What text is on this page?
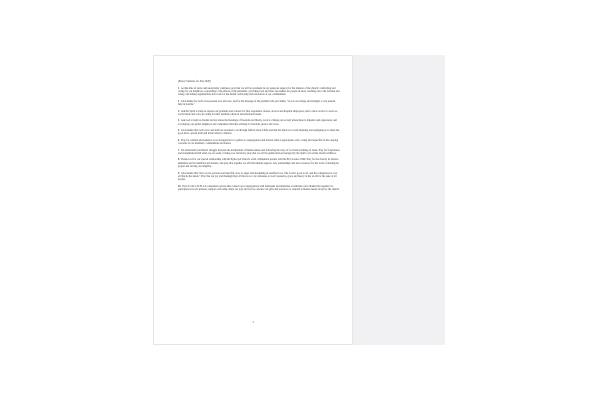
[Prayer Ventures for July 2020]
1 As this time of stress and uncertainty continues, pray that we will be persistent in our generous support for the mission of the church: comforting and caring for our neighbors, responding to the effects of the pandemic, providing food and basic necessities for people in need, reaching out to the isolated and lonely, and aiding organizations that work for the health, well-being and restoration of our communities.
2 Give thanks for God's ever-present love and care, and for the message of the psalmist who proclaims, "God is our refuge and strength, a very present help in trouble."
3 Ask the Spirit to help us express our gratitude and concern for first responders, nurses, doctors and hospital employees, and to show us how to serve as God's hands and voice in caring for their spiritual, physical and emotional needs.
4 Ask God to help us cherish and not abuse the blessings of freedom and liberty, work to change our society where there is injustice and oppression, and accompany our global neighbors and companion churches striving for freedom, justice and voice.
5 Give thanks that God's love and truth are revealed to us through faith in Jesus Christ and that the Spirit is at work inspiring and equipping us to share the good news, spread truth and invite others to believe.
6 Pray for wisdom and patience as we navigate how to gather as congregations and discern what is appropriate, safe, caring and respectful of the ongoing concerns of our members, communities and nation.
7 We understand well Paul's struggle between the inclinations of human nature and following the ways of God and teachings of Jesus. Pray for forgiveness and strengthened faith when we are weak or make poor decisions; pray that we will be guided and encouraged by the Spirit of God that dwells within us.
8 Thank God for our special relationship with the Episcopal Church, a full communion partner with the ELCA since 1999. Pray for the church, its diverse ministries and its members and leaders, and pray that together we will find mutual support, new partnerships and new resources for the work of sharing the gospel and serving our neighbor.
9 Give thanks that "the Lord is gracious and merciful, slow to anger and abounding in steadfast love. The Lord is good to all, and his compassion is over all that he has made." Pray that our joy and thanksgiving will move us to be witnesses to God's presence, grace and mercy in the world for the sake of all people.
10 Pray for the 120 ELCA companion synods that connect our congregations with Lutherans and ministries worldwide. Give thanks that together we participate in God's mission, support each other, share our joys and sorrow, and use our gifts and resources to respond to human needs and grow the church.
1
